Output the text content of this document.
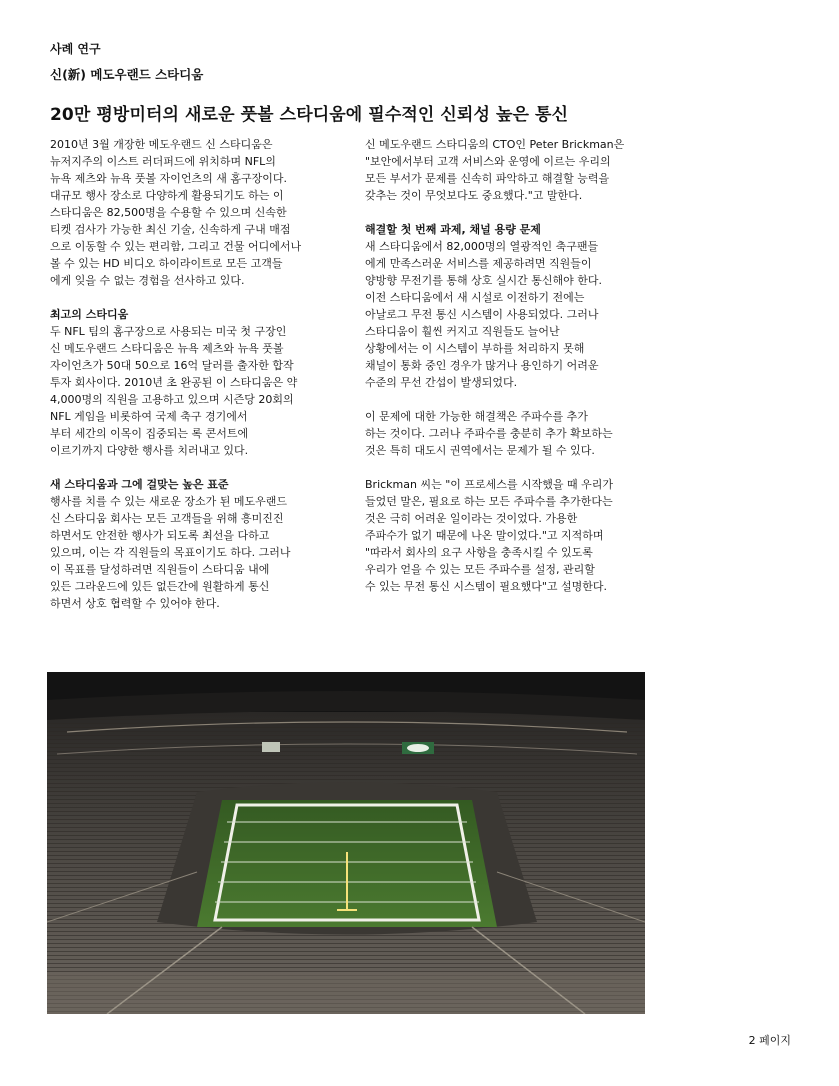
사례 연구
신(新) 메도우랜드 스타디움
20만 평방미터의 새로운 풋볼 스타디움에 필수적인 신뢰성 높은 통신

2010년 3월 개장한 메도우랜드 신 스타디움은
뉴저지주의 이스트 러더퍼드에 위치하며 NFL의
뉴욕 제츠와 뉴욕 풋볼 자이언츠의 새 홈구장이다.
대규모 행사 장소로 다양하게 활용되기도 하는 이
스타디움은 82,500명을 수용할 수 있으며 신속한
티켓 검사가 가능한 최신 기술, 신속하게 구내 매점
으로 이동할 수 있는 편리함, 그리고 건물 어디에서나
볼 수 있는 HD 비디오 하이라이트로 모든 고객들
에게 잊을 수 없는 경험을 선사하고 있다.

최고의 스타디움

두 NFL 팀의 홈구장으로 사용되는 미국 첫 구장인
신 메도우랜드 스타디움은 뉴욕 제츠와 뉴욕 풋볼
자이언츠가 50대 50으로 16억 달러를 출자한 합작
투자 회사이다. 2010년 초 완공된 이 스타디움은 약
4,000명의 직원을 고용하고 있으며 시즌당 20회의
NFL 게임을 비롯하여 국제 축구 경기에서
부터 세간의 이목이 집중되는 록 콘서트에
이르기까지 다양한 행사를 치러내고 있다.

새 스타디움과 그에 걸맞는 높은 표준

행사를 치를 수 있는 새로운 장소가 된 메도우랜드
신 스타디움 회사는 모든 고객들을 위해 흥미진진
하면서도 안전한 행사가 되도록 최선을 다하고
있으며, 이는 각 직원들의 목표이기도 하다. 그러나
이 목표를 달성하려면 직원들이 스타디움 내에
있든 그라운드에 있든 없든간에 원활하게 통신
하면서 상호 협력할 수 있어야 한다.

신 메도우랜드 스타디움의 CTO인 Peter Brickman은
"보안에서부터 고객 서비스와 운영에 이르는 우리의
모든 부서가 문제를 신속히 파악하고 해결할 능력을
갖추는 것이 무엇보다도 중요했다."고 말한다.

해결할 첫 번째 과제, 채널 용량 문제

새 스타디움에서 82,000명의 열광적인 축구팬들
에게 만족스러운 서비스를 제공하려면 직원들이
양방향 무전기를 통해 상호 실시간 통신해야 한다.
이전 스타디움에서 새 시설로 이전하기 전에는
아날로그 무전 통신 시스템이 사용되었다. 그러나
스타디움이 훨씬 커지고 직원들도 늘어난
상황에서는 이 시스템이 부하를 처리하지 못해
채널이 통화 중인 경우가 많거나 용인하기 어려운
수준의 무선 간섭이 발생되었다.

이 문제에 대한 가능한 해결책은 주파수를 추가
하는 것이다. 그러나 주파수를 충분히 추가 확보하는
것은 특히 대도시 권역에서는 문제가 될 수 있다.

Brickman 씨는 "이 프로세스를 시작했을 때 우리가
들었던 말은, 필요로 하는 모든 주파수를 추가한다는
것은 극히 어려운 일이라는 것이었다. 가용한
주파수가 없기 때문에 나온 말이었다."고 지적하며
"따라서 회사의 요구 사항을 충족시킬 수 있도록
우리가 얻을 수 있는 모든 주파수를 설정, 관리할
수 있는 무전 통신 시스템이 필요했다"고 설명한다.

2 페이지
